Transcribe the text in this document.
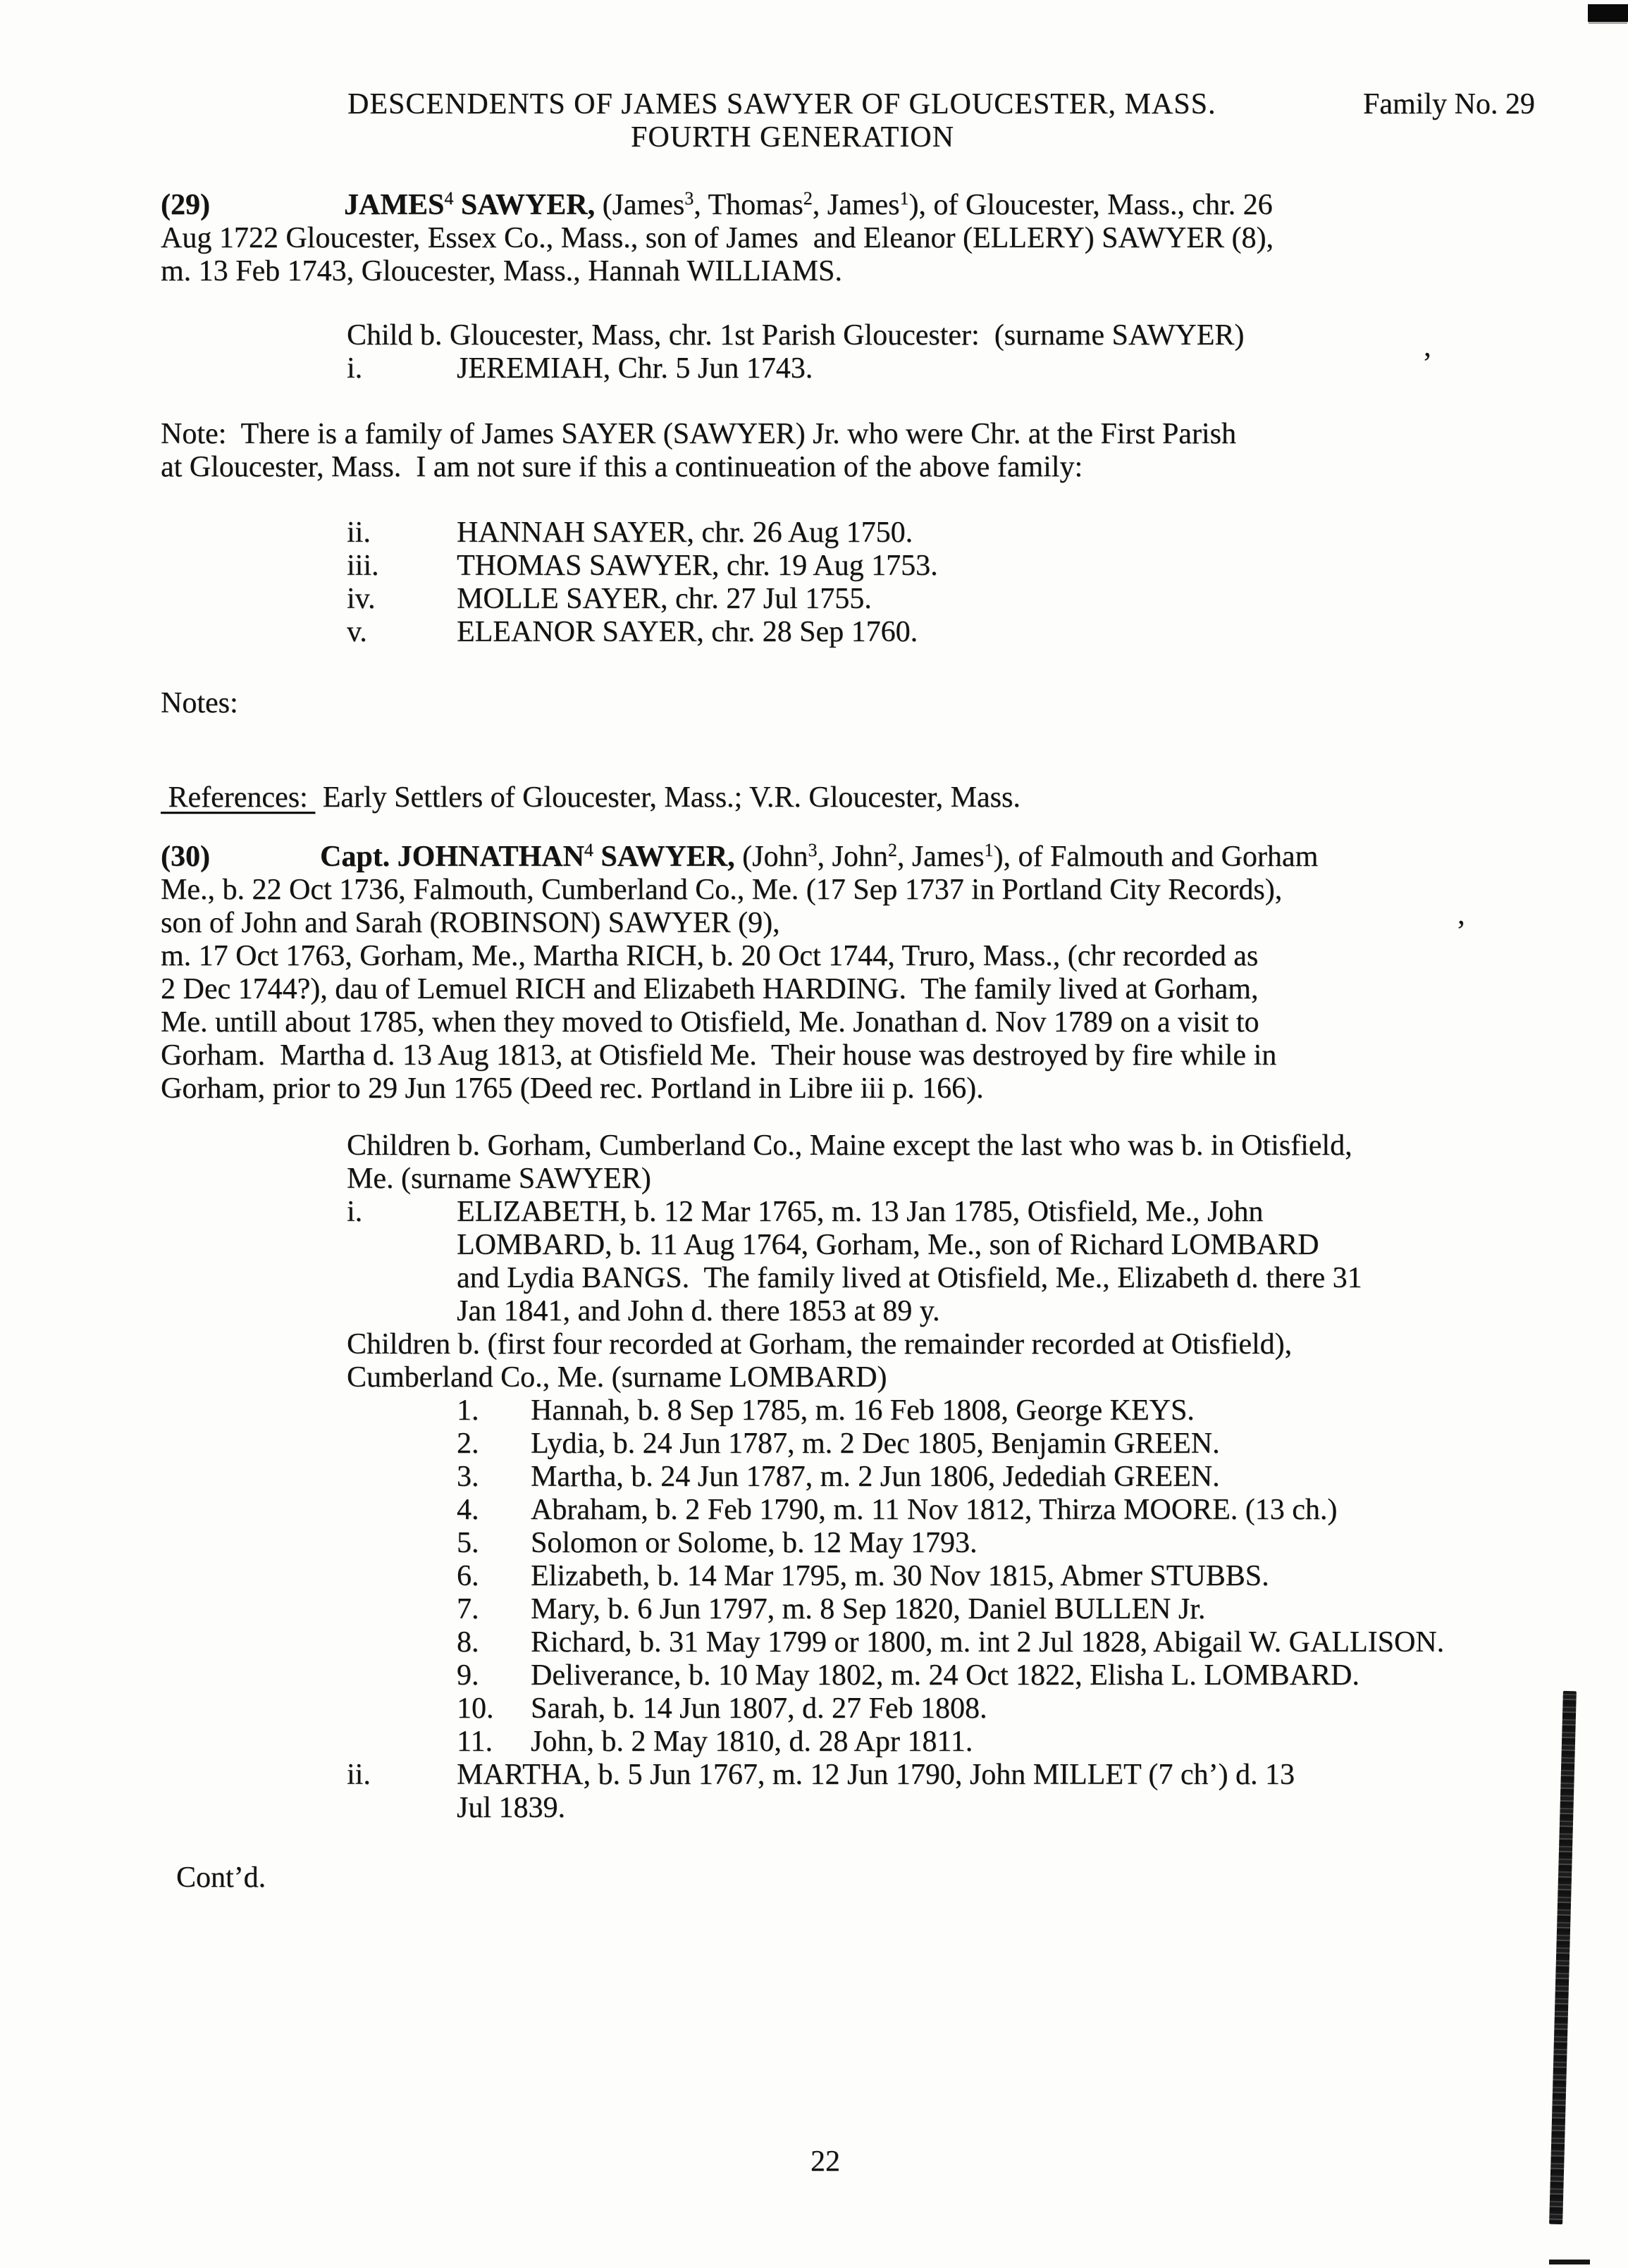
DESCENDENTS OF JAMES SAWYER OF GLOUCESTER, MASS.	Family No. 29
FOURTH GENERATION
(29)	JAMES$^4$ SAWYER, (James$^3$, Thomas$^2$, James$^1$), of Gloucester, Mass., chr. 26
Aug 1722 Gloucester, Essex Co., Mass., son of James  and Eleanor (ELLERY) SAWYER (8),
m. 13 Feb 1743, Gloucester, Mass., Hannah WILLIAMS.
Child b. Gloucester, Mass, chr. 1st Parish Gloucester:  (surname SAWYER)
i.	JEREMIAH, Chr. 5 Jun 1743.
Note:  There is a family of James SAYER (SAWYER) Jr. who were Chr. at the First Parish
at Gloucester, Mass.  I am not sure if this a continueation of the above family:
ii.	HANNAH SAYER, chr. 26 Aug 1750.
iii.	THOMAS SAWYER, chr. 19 Aug 1753.
iv.	MOLLE SAYER, chr. 27 Jul 1755.
v.	ELEANOR SAYER, chr. 28 Sep 1760.
Notes:
References:  Early Settlers of Gloucester, Mass.; V.R. Gloucester, Mass.
(30)	Capt. JOHNATHAN$^4$ SAWYER, (John$^3$, John$^2$, James$^1$), of Falmouth and Gorham
Me., b. 22 Oct 1736, Falmouth, Cumberland Co., Me. (17 Sep 1737 in Portland City Records),
son of John and Sarah (ROBINSON) SAWYER (9),
m. 17 Oct 1763, Gorham, Me., Martha RICH, b. 20 Oct 1744, Truro, Mass., (chr recorded as
2 Dec 1744?), dau of Lemuel RICH and Elizabeth HARDING.  The family lived at Gorham,
Me. untill about 1785, when they moved to Otisfield, Me. Jonathan d. Nov 1789 on a visit to
Gorham.  Martha d. 13 Aug 1813, at Otisfield Me.  Their house was destroyed by fire while in
Gorham, prior to 29 Jun 1765 (Deed rec. Portland in Libre iii p. 166).
Children b. Gorham, Cumberland Co., Maine except the last who was b. in Otisfield,
Me. (surname SAWYER)
i.	ELIZABETH, b. 12 Mar 1765, m. 13 Jan 1785, Otisfield, Me., John
LOMBARD, b. 11 Aug 1764, Gorham, Me., son of Richard LOMBARD
and Lydia BANGS.  The family lived at Otisfield, Me., Elizabeth d. there 31
Jan 1841, and John d. there 1853 at 89 y.
Children b. (first four recorded at Gorham, the remainder recorded at Otisfield),
Cumberland Co., Me. (surname LOMBARD)
1. Hannah, b. 8 Sep 1785, m. 16 Feb 1808, George KEYS.
2. Lydia, b. 24 Jun 1787, m. 2 Dec 1805, Benjamin GREEN.
3. Martha, b. 24 Jun 1787, m. 2 Jun 1806, Jedediah GREEN.
4. Abraham, b. 2 Feb 1790, m. 11 Nov 1812, Thirza MOORE. (13 ch.)
5. Solomon or Solome, b. 12 May 1793.
6. Elizabeth, b. 14 Mar 1795, m. 30 Nov 1815, Abmer STUBBS.
7. Mary, b. 6 Jun 1797, m. 8 Sep 1820, Daniel BULLEN Jr.
8. Richard, b. 31 May 1799 or 1800, m. int 2 Jul 1828, Abigail W. GALLISON.
9. Deliverance, b. 10 May 1802, m. 24 Oct 1822, Elisha L. LOMBARD.
10. Sarah, b. 14 Jun 1807, d. 27 Feb 1808.
11. John, b. 2 May 1810, d. 28 Apr 1811.
ii.	MARTHA, b. 5 Jun 1767, m. 12 Jun 1790, John MILLET (7 ch’) d. 13
Jul 1839.
Cont’d.
’
’
22
